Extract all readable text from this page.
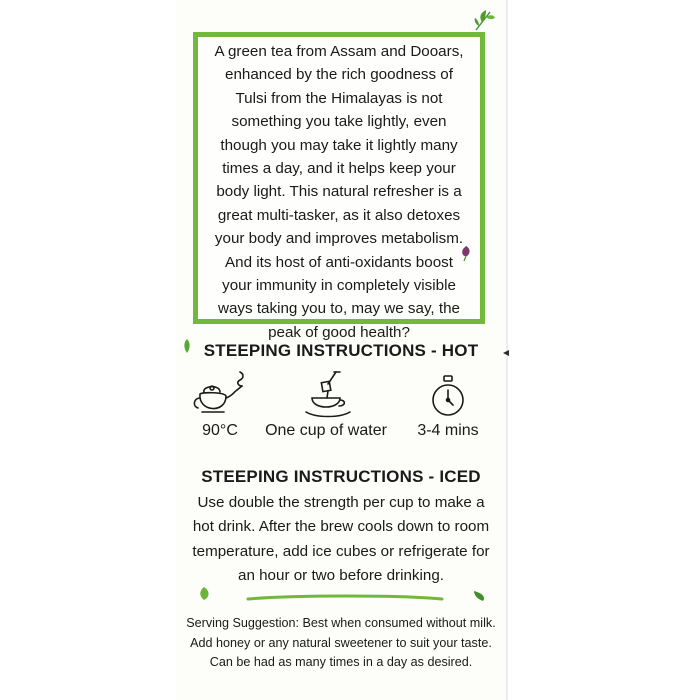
A green tea from Assam and Dooars,
enhanced by the rich goodness of
Tulsi from the Himalayas is not
something you take lightly, even
though you may take it lightly many
times a day, and it helps keep your
body light. This natural refresher is a
great multi-tasker, as it also detoxes
your body and improves metabolism.
And its host of anti-oxidants boost
your immunity in completely visible
ways taking you to, may we say, the
peak of good health?
STEEPING INSTRUCTIONS - HOT
90°C	One cup of water	3-4 mins
STEEPING INSTRUCTIONS - ICED
Use double the strength per cup to make a
hot drink. After the brew cools down to room
temperature, add ice cubes or refrigerate for
an hour or two before drinking.
Serving Suggestion: Best when consumed without milk.
Add honey or any natural sweetener to suit your taste.
Can be had as many times in a day as desired.
